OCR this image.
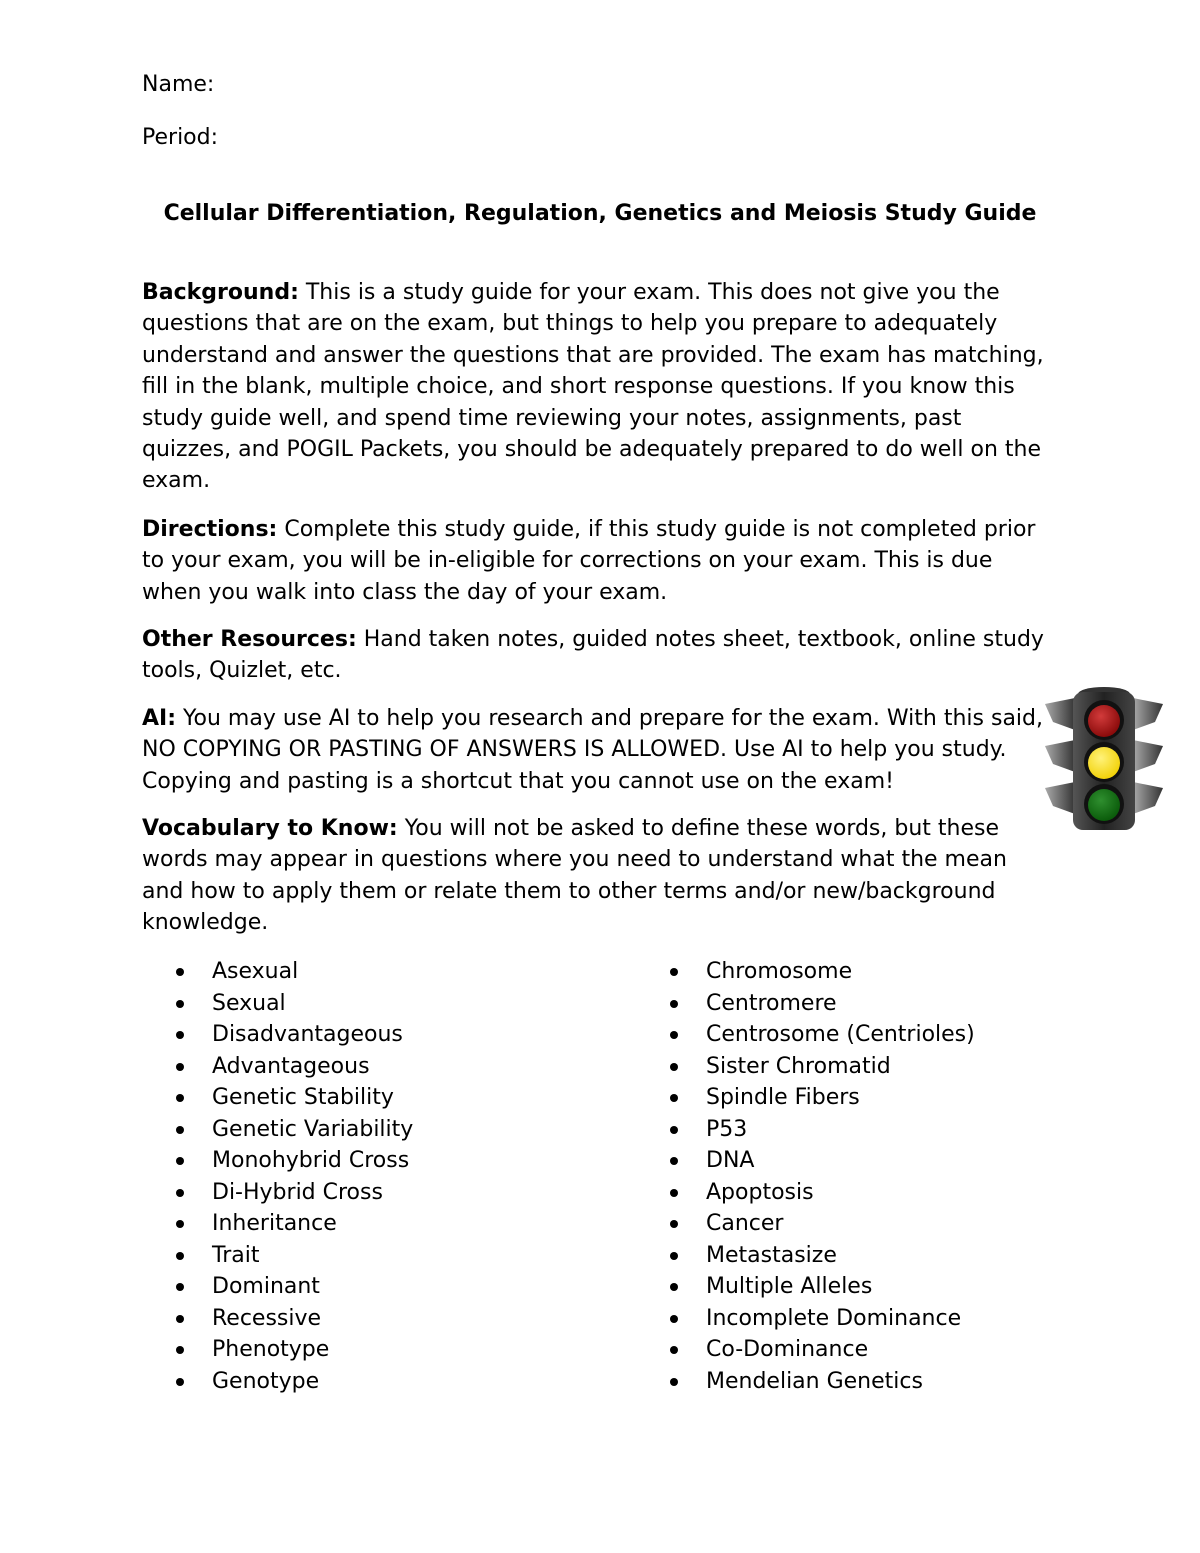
Name:
Period:
Cellular Differentiation, Regulation, Genetics and Meiosis Study Guide

Background: This is a study guide for your exam. This does not give you the questions that are on the exam, but things to help you prepare to adequately understand and answer the questions that are provided. The exam has matching, fill in the blank, multiple choice, and short response questions. If you know this study guide well, and spend time reviewing your notes, assignments, past quizzes, and POGIL Packets, you should be adequately prepared to do well on the exam.

Directions: Complete this study guide, if this study guide is not completed prior to your exam, you will be in-eligible for corrections on your exam. This is due when you walk into class the day of your exam.

Other Resources: Hand taken notes, guided notes sheet, textbook, online study tools, Quizlet, etc.

AI: You may use AI to help you research and prepare for the exam. With this said, NO COPYING OR PASTING OF ANSWERS IS ALLOWED. Use AI to help you study. Copying and pasting is a shortcut that you cannot use on the exam!

Vocabulary to Know: You will not be asked to define these words, but these words may appear in questions where you need to understand what the mean and how to apply them or relate them to other terms and/or new/background knowledge.

Asexual
Sexual
Disadvantageous
Advantageous
Genetic Stability
Genetic Variability
Monohybrid Cross
Di-Hybrid Cross
Inheritance
Trait
Dominant
Recessive
Phenotype
Genotype
Chromosome
Centromere
Centrosome (Centrioles)
Sister Chromatid
Spindle Fibers
P53
DNA
Apoptosis
Cancer
Metastasize
Multiple Alleles
Incomplete Dominance
Co-Dominance
Mendelian Genetics
